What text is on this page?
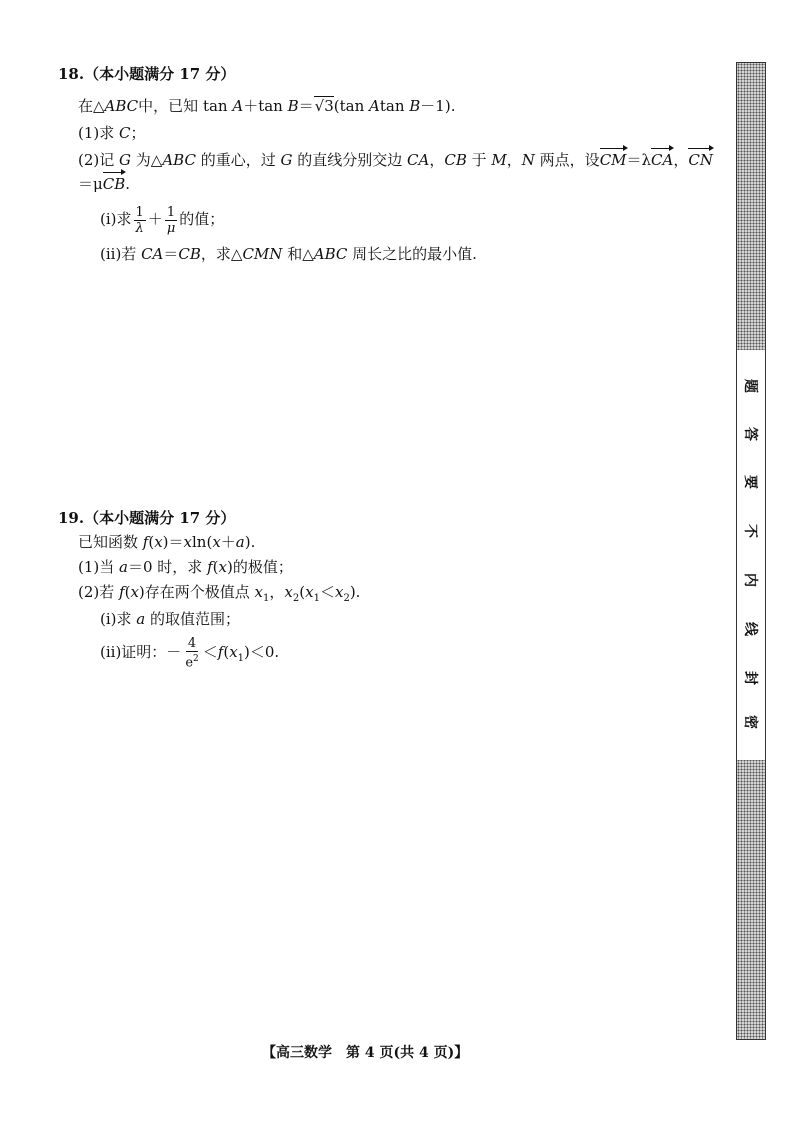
18.（本小题满分 17 分）
在△ABC中，已知 tan A＋tan B＝√3(tan Atan B－1).
(1)求 C；
(2)记 G 为△ABC 的重心，过 G 的直线分别交边 CA，CB 于 M，N 两点，设CM＝λCA，CN
＝μCB.
(i)求 $\frac{1}{\lambda} + \frac{1}{\mu}$ 的值；
(ii)若 CA＝CB，求△CMN 和△ABC 周长之比的最小值.
19.（本小题满分 17 分）
已知函数 f(x)＝xln(x＋a).
(1)当 a＝0 时，求 f(x)的极值；
(2)若 f(x)存在两个极值点 $x_1$，$x_2(x_1<x_2)$.
(i)求 a 的取值范围；
(ii)证明：－ $\frac{4}{e^2} <f(x_1)<0$.
密
封
线
内
不
要
答
题
【高三数学　第 4 页(共 4 页)】
